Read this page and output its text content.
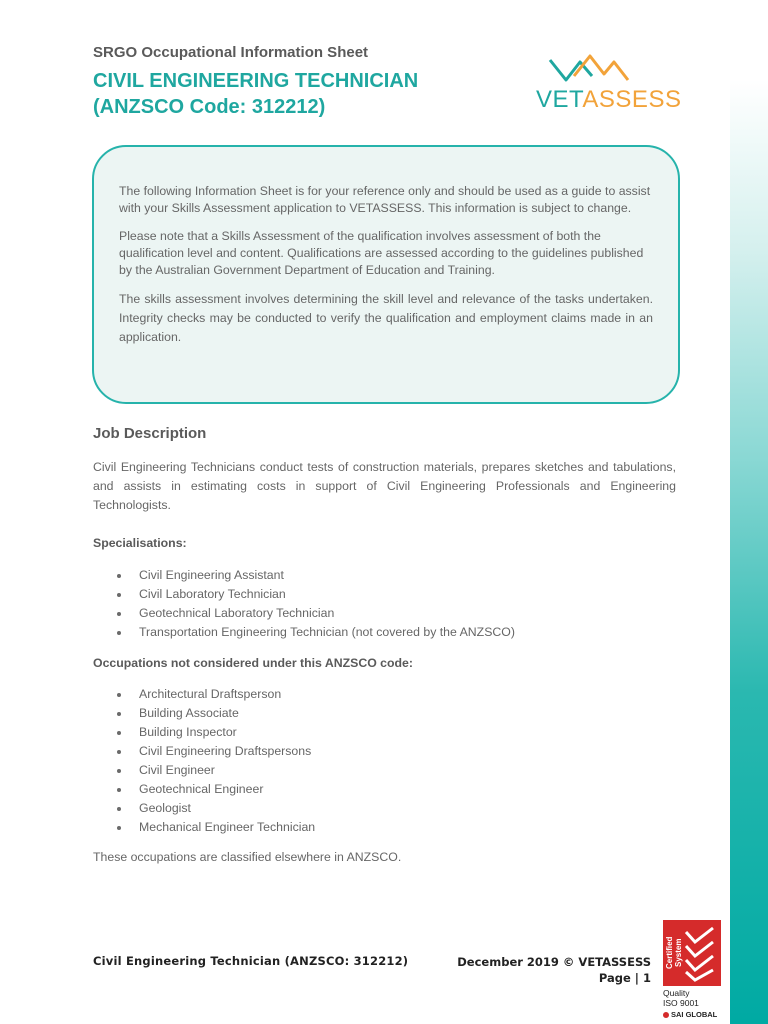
SRGO Occupational Information Sheet
CIVIL ENGINEERING TECHNICIAN
(ANZSCO Code: 312212)	VETASSESS

The following Information Sheet is for your reference only and should be used as a guide to assist with your Skills Assessment application to VETASSESS. This information is subject to change.

Please note that a Skills Assessment of the qualification involves assessment of both the qualification level and content. Qualifications are assessed according to the guidelines published by the Australian Government Department of Education and Training.

The skills assessment involves determining the skill level and relevance of the tasks undertaken. Integrity checks may be conducted to verify the qualification and employment claims made in an application.

Job Description

Civil Engineering Technicians conduct tests of construction materials, prepares sketches and tabulations, and assists in estimating costs in support of Civil Engineering Professionals and Engineering Technologists.

Specialisations:
Civil Engineering Assistant
Civil Laboratory Technician
Geotechnical Laboratory Technician
Transportation Engineering Technician (not covered by the ANZSCO)
Occupations not considered under this ANZSCO code:
Architectural Draftsperson
Building Associate
Building Inspector
Civil Engineering Draftspersons
Civil Engineer
Geotechnical Engineer
Geologist
Mechanical Engineer Technician
These occupations are classified elsewhere in ANZSCO.
Civil Engineering Technician (ANZSCO: 312212)	December 2019 © VETASSESS
Page | 1
Certified System
Quality
ISO 9001
SAI GLOBAL
